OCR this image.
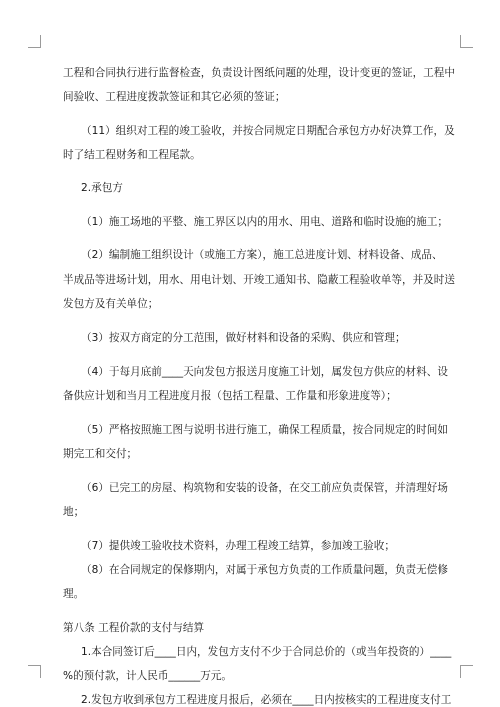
工程和合同执行进行监督检查，负责设计图纸问题的处理，设计变更的签证，工程中
间验收、工程进度拨款签证和其它必须的签证；
（11）组织对工程的竣工验收，并按合同规定日期配合承包方办好决算工作，及
时了结工程财务和工程尾款。
2.承包方
（1）施工场地的平整、施工界区以内的用水、用电、道路和临时设施的施工；
（2）编制施工组织设计（或施工方案），施工总进度计划、材料设备、成品、
半成品等进场计划，用水、用电计划、开竣工通知书、隐蔽工程验收单等，并及时送
发包方及有关单位；
（3）按双方商定的分工范围，做好材料和设备的采购、供应和管理；
（4）于每月底前____天向发包方报送月度施工计划，属发包方供应的材料、设
备供应计划和当月工程进度月报（包括工程量、工作量和形象进度等）；
（5）严格按照施工图与说明书进行施工，确保工程质量，按合同规定的时间如
期完工和交付；
（6）已完工的房屋、构筑物和安装的设备，在交工前应负责保管，并清理好场
地；
（7）提供竣工验收技术资料，办理工程竣工结算，参加竣工验收；
（8）在合同规定的保修期内，对属于承包方负责的工作质量问题，负责无偿修
理。
第八条 工程价款的支付与结算
1.本合同签订后____日内，发包方支付不少于合同总价的（或当年投资的）____
%的预付款，计人民币______万元。
2.发包方收到承包方工程进度月报后，必须在____日内按核实的工程进度支付工
